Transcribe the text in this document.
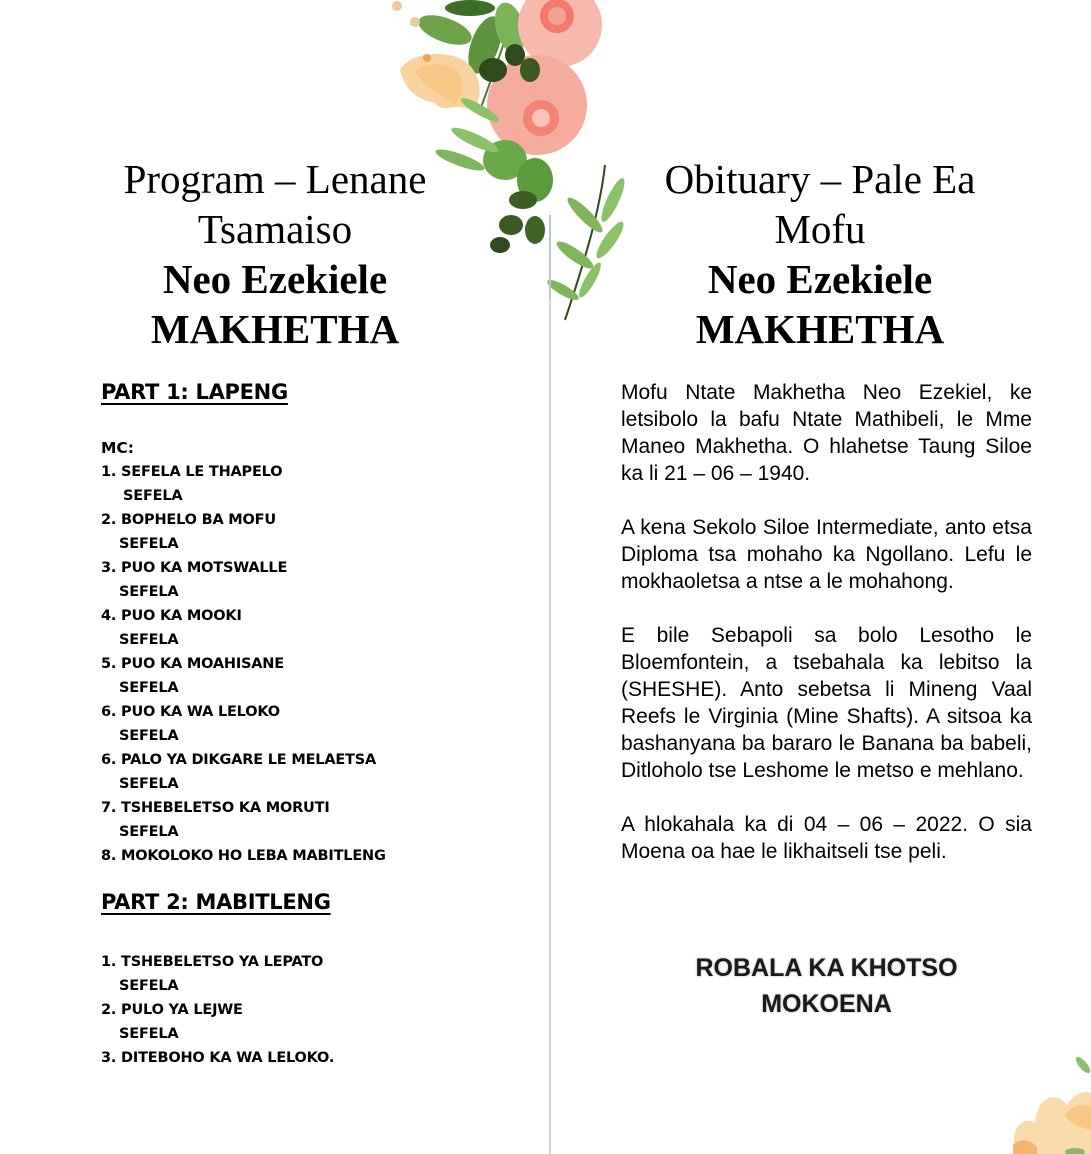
Program – Lenane
Tsamaiso
Neo Ezekiele
MAKHETHA
PART 1: LAPENG
MC:
1. SEFELA LE THAPELO
SEFELA
2. BOPHELO BA MOFU
SEFELA
3. PUO KA MOTSWALLE
SEFELA
4. PUO KA MOOKI
SEFELA
5. PUO KA MOAHISANE
SEFELA
6. PUO KA WA LELOKO
SEFELA
6. PALO YA DIKGARE LE MELAETSA
SEFELA
7. TSHEBELETSO KA MORUTI
SEFELA
8. MOKOLOKO HO LEBA MABITLENG
PART 2: MABITLENG
1. TSHEBELETSO YA LEPATO
SEFELA
2. PULO YA LEJWE
SEFELA
3. DITEBOHO KA WA LELOKO.
Obituary – Pale Ea
Mofu
Neo Ezekiele
MAKHETHA

Mofu Ntate Makhetha Neo Ezekiel, ke letsibolo la bafu Ntate Mathibeli, le Mme Maneo Makhetha. O hlahetse Taung Siloe ka li 21 – 06 – 1940.

A kena Sekolo Siloe Intermediate, anto etsa Diploma tsa mohaho ka Ngollano. Lefu le mokhaoletsa a ntse a le mohahong.

E bile Sebapoli sa bolo Lesotho le Bloemfontein, a tsebahala ka lebitso la (SHESHE). Anto sebetsa li Mineng Vaal Reefs le Virginia (Mine Shafts). A sitsoa ka bashanyana ba bararo le Banana ba babeli, Ditloholo tse Leshome le metso e mehlano.

A hlokahala ka di 04 – 06 – 2022. O sia Moena oa hae le likhaitseli tse peli.

ROBALA KA KHOTSO
MOKOENA
